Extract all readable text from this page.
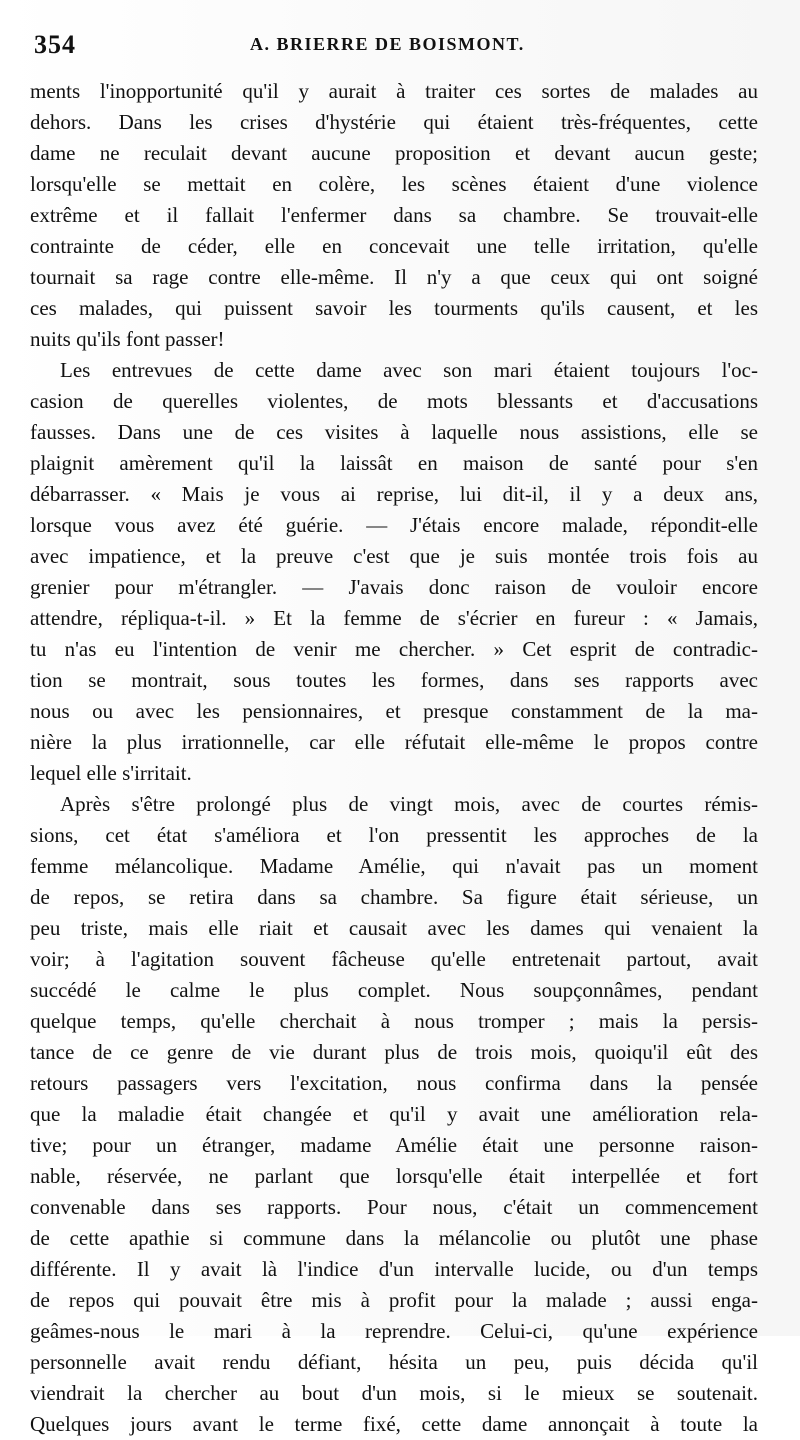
354	A. BRIERRE DE BOISMONT.
ments l'inopportunité qu'il y aurait à traiter ces sortes de malades au
dehors. Dans les crises d'hystérie qui étaient très-fréquentes, cette
dame ne reculait devant aucune proposition et devant aucun geste;
lorsqu'elle se mettait en colère, les scènes étaient d'une violence
extrême et il fallait l'enfermer dans sa chambre. Se trouvait-elle
contrainte de céder, elle en concevait une telle irritation, qu'elle
tournait sa rage contre elle-même. Il n'y a que ceux qui ont soigné
ces malades, qui puissent savoir les tourments qu'ils causent, et les
nuits qu'ils font passer!
Les entrevues de cette dame avec son mari étaient toujours l'oc-
casion de querelles violentes, de mots blessants et d'accusations
fausses. Dans une de ces visites à laquelle nous assistions, elle se
plaignit amèrement qu'il la laissât en maison de santé pour s'en
débarrasser. « Mais je vous ai reprise, lui dit-il, il y a deux ans,
lorsque vous avez été guérie. — J'étais encore malade, répondit-elle
avec impatience, et la preuve c'est que je suis montée trois fois au
grenier pour m'étrangler. — J'avais donc raison de vouloir encore
attendre, répliqua-t-il. » Et la femme de s'écrier en fureur : « Jamais,
tu n'as eu l'intention de venir me chercher. » Cet esprit de contradic-
tion se montrait, sous toutes les formes, dans ses rapports avec
nous ou avec les pensionnaires, et presque constamment de la ma-
nière la plus irrationnelle, car elle réfutait elle-même le propos contre
lequel elle s'irritait.
Après s'être prolongé plus de vingt mois, avec de courtes rémis-
sions, cet état s'améliora et l'on pressentit les approches de la
femme mélancolique. Madame Amélie, qui n'avait pas un moment
de repos, se retira dans sa chambre. Sa figure était sérieuse, un
peu triste, mais elle riait et causait avec les dames qui venaient la
voir; à l'agitation souvent fâcheuse qu'elle entretenait partout, avait
succédé le calme le plus complet. Nous soupçonnâmes, pendant
quelque temps, qu'elle cherchait à nous tromper ; mais la persis-
tance de ce genre de vie durant plus de trois mois, quoiqu'il eût des
retours passagers vers l'excitation, nous confirma dans la pensée
que la maladie était changée et qu'il y avait une amélioration rela-
tive; pour un étranger, madame Amélie était une personne raison-
nable, réservée, ne parlant que lorsqu'elle était interpellée et fort
convenable dans ses rapports. Pour nous, c'était un commencement
de cette apathie si commune dans la mélancolie ou plutôt une phase
différente. Il y avait là l'indice d'un intervalle lucide, ou d'un temps
de repos qui pouvait être mis à profit pour la malade ; aussi enga-
geâmes-nous le mari à la reprendre. Celui-ci, qu'une expérience
personnelle avait rendu défiant, hésita un peu, puis décida qu'il
viendrait la chercher au bout d'un mois, si le mieux se soutenait.
Quelques jours avant le terme fixé, cette dame annonçait à toute la
